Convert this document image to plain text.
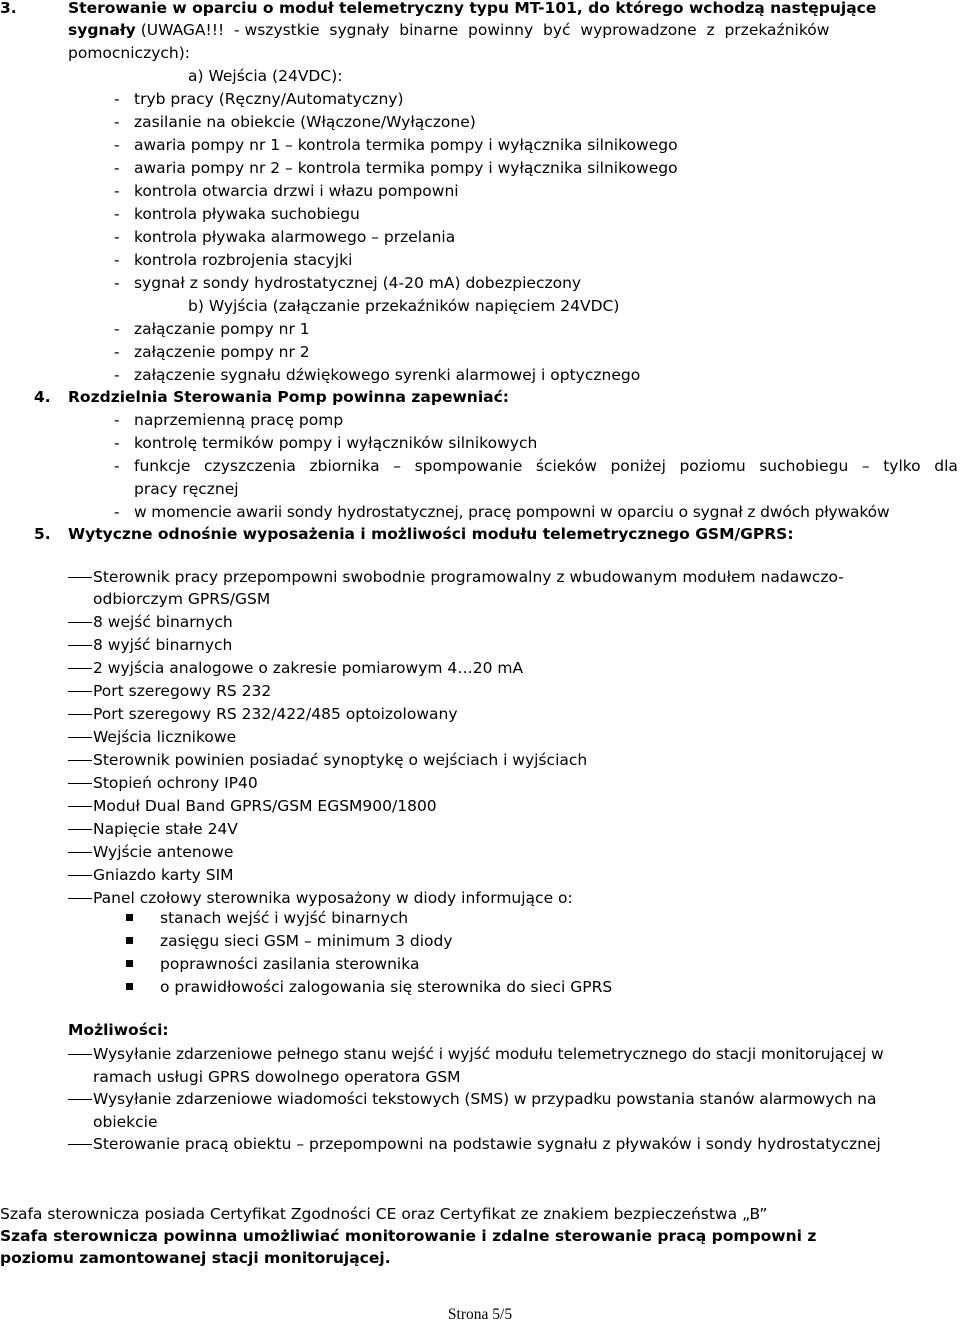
3.	Sterowanie w oparciu o moduł telemetryczny typu MT-101, do którego wchodzą następujące
sygnały (UWAGA!!!  - wszystkie  sygnały  binarne  powinny  być  wyprowadzone  z  przekaźników
pomocniczych):
a) Wejścia (24VDC):
- tryb pracy (Ręczny/Automatyczny)
- zasilanie na obiekcie (Włączone/Wyłączone)
- awaria pompy nr 1 – kontrola termika pompy i wyłącznika silnikowego
- awaria pompy nr 2 – kontrola termika pompy i wyłącznika silnikowego
- kontrola otwarcia drzwi i włazu pompowni
- kontrola pływaka suchobiegu
- kontrola pływaka alarmowego – przelania
- kontrola rozbrojenia stacyjki
- sygnał z sondy hydrostatycznej (4-20 mA) dobezpieczony
b) Wyjścia (załączanie przekaźników napięciem 24VDC)
- załączanie pompy nr 1
- załączenie pompy nr 2
- załączenie sygnału dźwiękowego syrenki alarmowej i optycznego
4. Rozdzielnia Sterowania Pomp powinna zapewniać:
- naprzemienną pracę pomp
- kontrolę termików pompy i wyłączników silnikowych
- funkcje czyszczenia zbiornika – spompowanie ścieków poniżej poziomu suchobiegu – tylko dla
pracy ręcznej
- w momencie awarii sondy hydrostatycznej, pracę pompowni w oparciu o sygnał z dwóch pływaków
5. Wytyczne odnośnie wyposażenia i możliwości modułu telemetrycznego GSM/GPRS:
Sterownik pracy przepompowni swobodnie programowalny z wbudowanym modułem nadawczo-
odbiorczym GPRS/GSM
8 wejść binarnych
8 wyjść binarnych
2 wyjścia analogowe o zakresie pomiarowym 4…20 mA
Port szeregowy RS 232
Port szeregowy RS 232/422/485 optoizolowany
Wejścia licznikowe
Sterownik powinien posiadać synoptykę o wejściach i wyjściach
Stopień ochrony IP40
Moduł Dual Band GPRS/GSM EGSM900/1800
Napięcie stałe 24V
Wyjście antenowe
Gniazdo karty SIM
Panel czołowy sterownika wyposażony w diody informujące o:
stanach wejść i wyjść binarnych
zasięgu sieci GSM – minimum 3 diody
poprawności zasilania sterownika
o prawidłowości zalogowania się sterownika do sieci GPRS
Możliwości:
Wysyłanie zdarzeniowe pełnego stanu wejść i wyjść modułu telemetrycznego do stacji monitorującej w
ramach usługi GPRS dowolnego operatora GSM
Wysyłanie zdarzeniowe wiadomości tekstowych (SMS) w przypadku powstania stanów alarmowych na
obiekcie
Sterowanie pracą obiektu – przepompowni na podstawie sygnału z pływaków i sondy hydrostatycznej
Szafa sterownicza posiada Certyfikat Zgodności CE oraz Certyfikat ze znakiem bezpieczeństwa „B”
Szafa sterownicza powinna umożliwiać monitorowanie i zdalne sterowanie pracą pompowni z
poziomu zamontowanej stacji monitorującej.
Strona 5/5
